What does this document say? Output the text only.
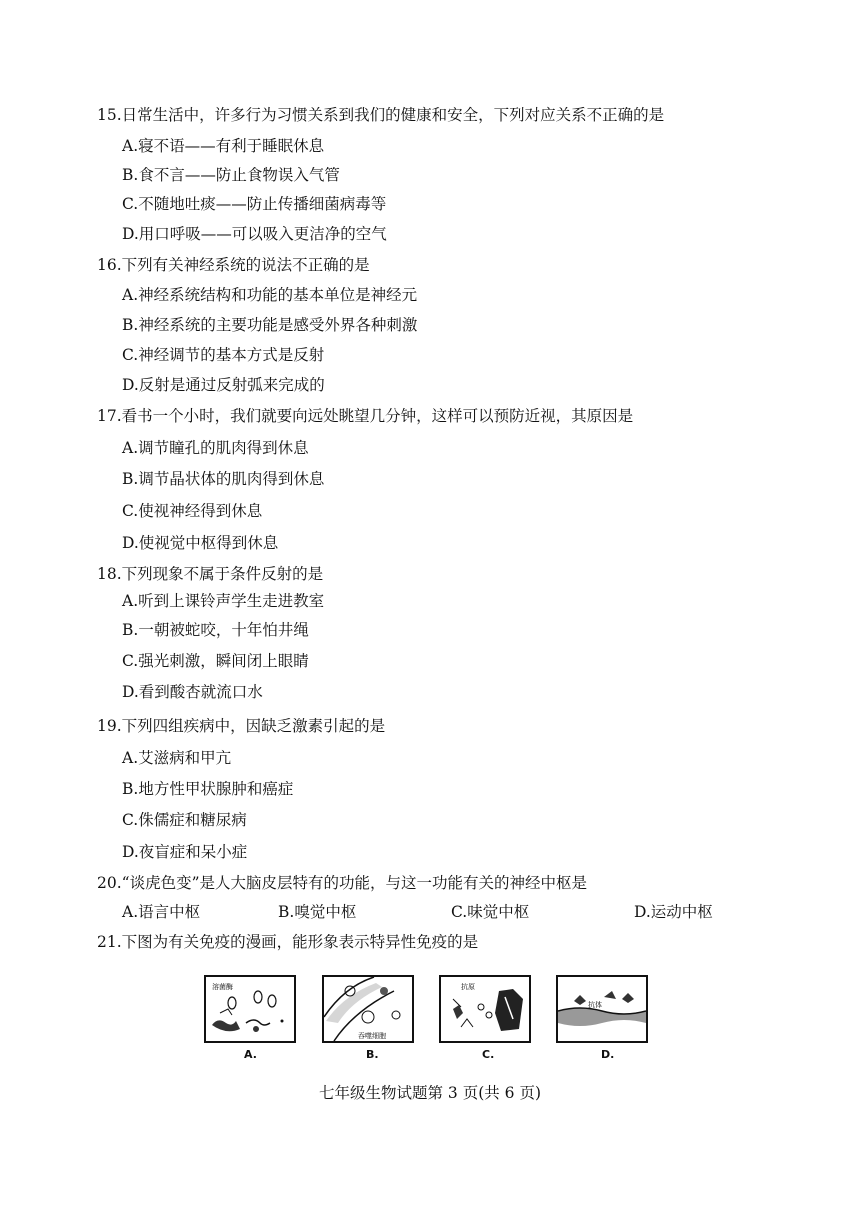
15.日常生活中，许多行为习惯关系到我们的健康和安全，下列对应关系不正确的是
A.寝不语——有利于睡眠休息
B.食不言——防止食物误入气管
C.不随地吐痰——防止传播细菌病毒等
D.用口呼吸——可以吸入更洁净的空气
16.下列有关神经系统的说法不正确的是
A.神经系统结构和功能的基本单位是神经元
B.神经系统的主要功能是感受外界各种刺激
C.神经调节的基本方式是反射
D.反射是通过反射弧来完成的
17.看书一个小时，我们就要向远处眺望几分钟，这样可以预防近视，其原因是
A.调节瞳孔的肌肉得到休息
B.调节晶状体的肌肉得到休息
C.使视神经得到休息
D.使视觉中枢得到休息
18.下列现象不属于条件反射的是
A.听到上课铃声学生走进教室
B.一朝被蛇咬，十年怕井绳
C.强光刺激，瞬间闭上眼睛
D.看到酸杏就流口水
19.下列四组疾病中，因缺乏激素引起的是
A.艾滋病和甲亢
B.地方性甲状腺肿和癌症
C.侏儒症和糖尿病
D.夜盲症和呆小症
20.“谈虎色变”是人大脑皮层特有的功能，与这一功能有关的神经中枢是
A.语言中枢	B.嗅觉中枢	C.味觉中枢	D.运动中枢
21.下图为有关免疫的漫画，能形象表示特异性免疫的是
溶菌酶
吞噬细胞
抗原
抗体
A.	B.	C.	D.
七年级生物试题第 3 页(共 6 页)
